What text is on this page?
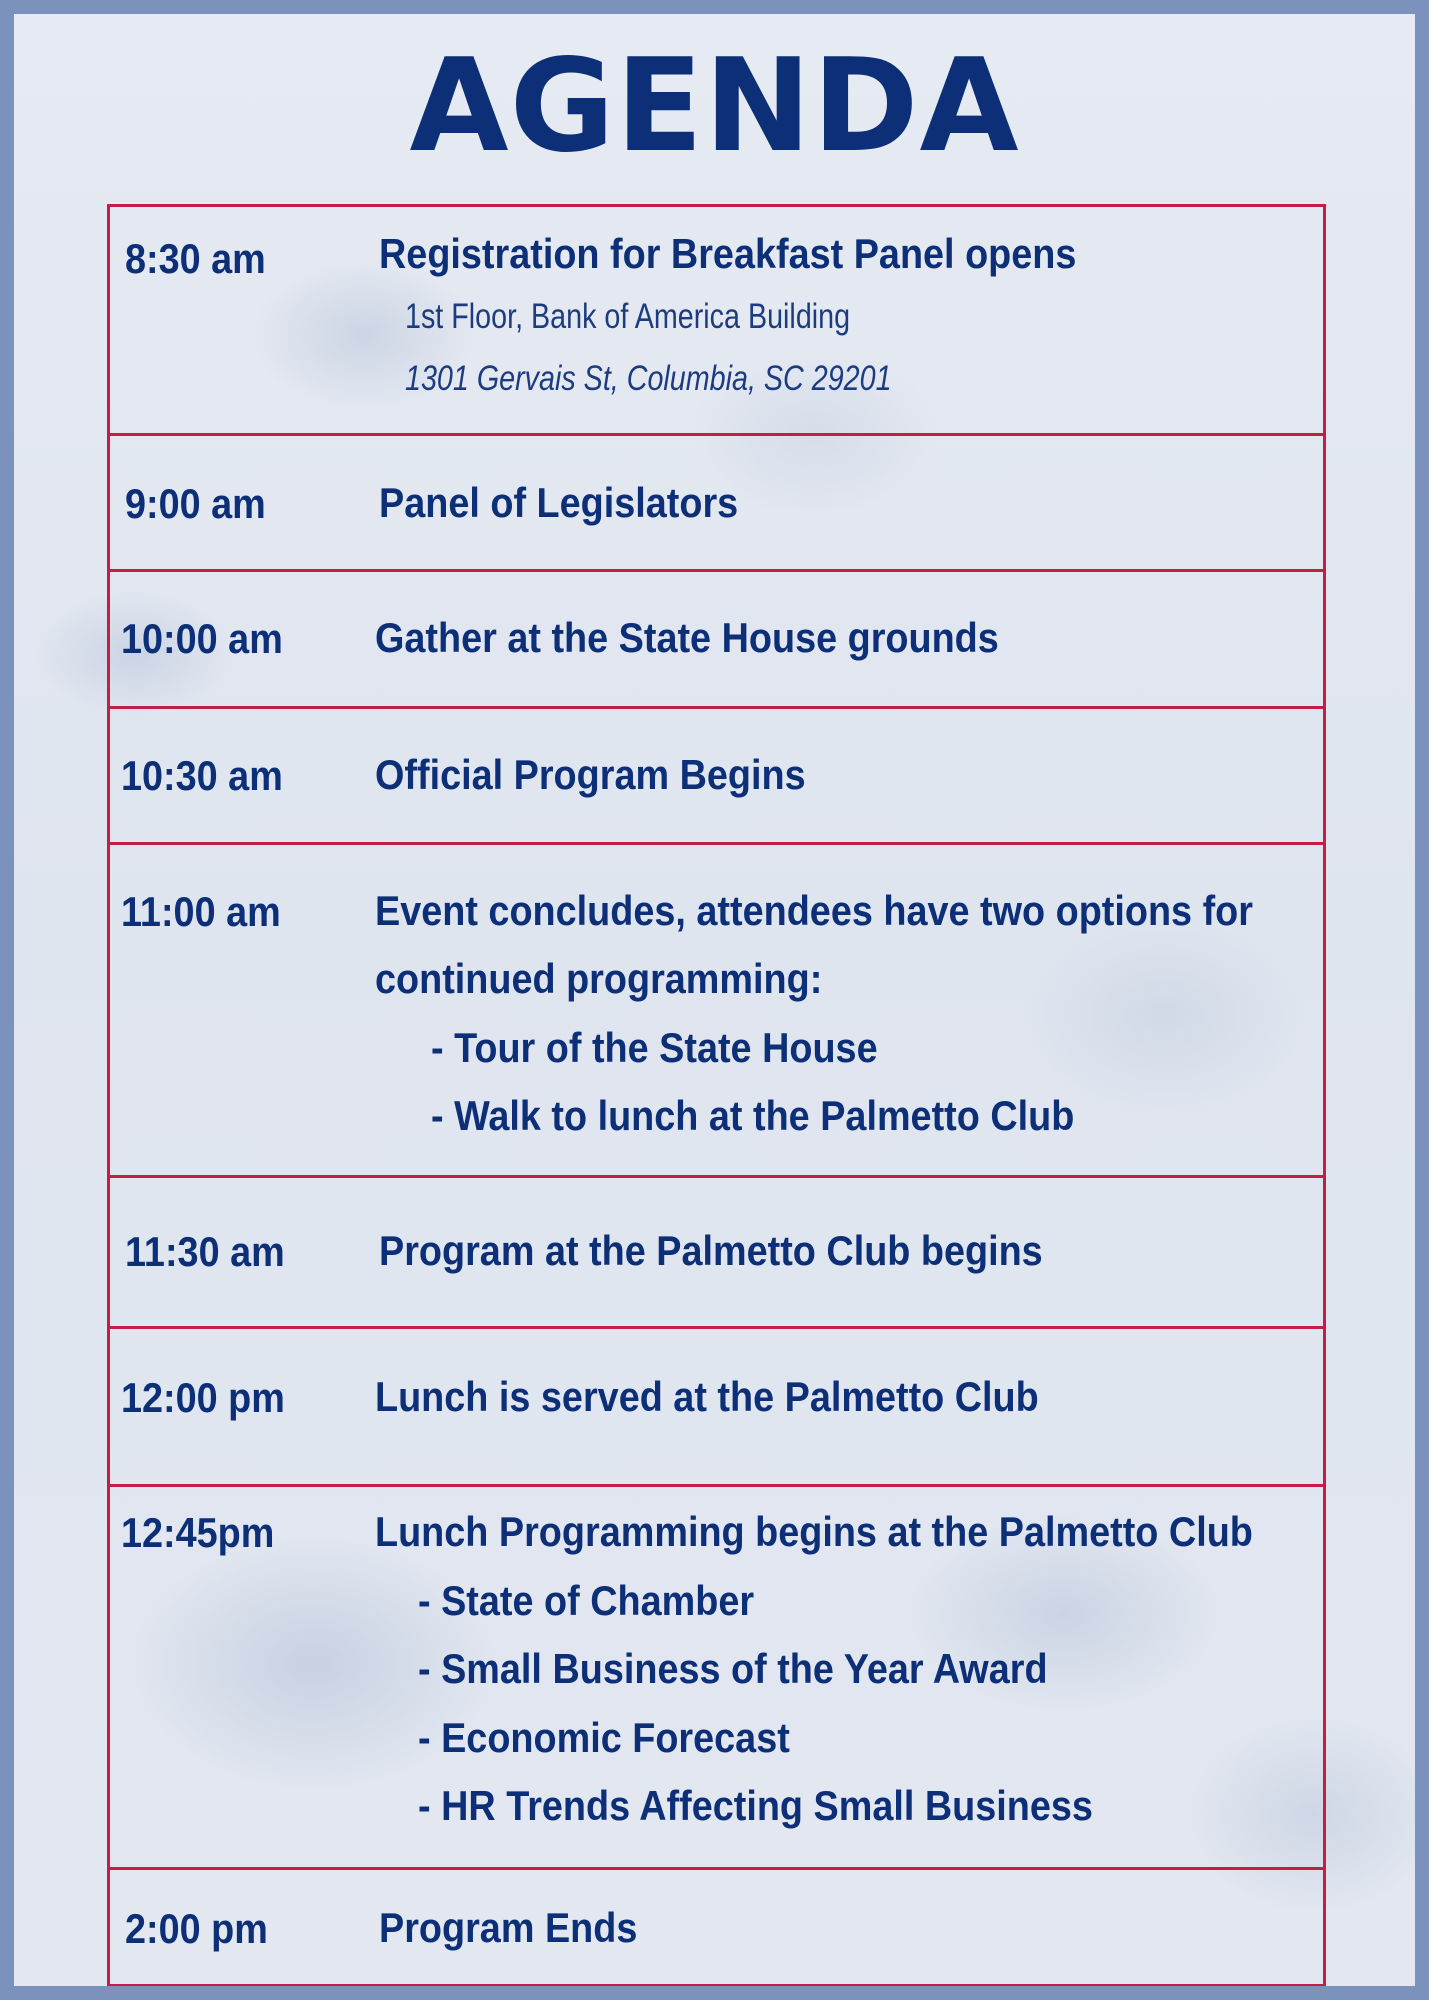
AGENDA
8:30 am	Registration for Breakfast Panel opens
1st Floor, Bank of America Building
1301 Gervais St, Columbia, SC 29201
9:00 am	Panel of Legislators
10:00 am Gather at the State House grounds
10:30 am Official Program Begins
11:00 am Event concludes, attendees have two options for
continued programming:
- Tour of the State House
- Walk to lunch at the Palmetto Club
11:30 am Program at the Palmetto Club begins
12:00 pm Lunch is served at the Palmetto Club
12:45pm Lunch Programming begins at the Palmetto Club
- State of Chamber
- Small Business of the Year Award
- Economic Forecast
- HR Trends Affecting Small Business
2:00 pm	Program Ends
